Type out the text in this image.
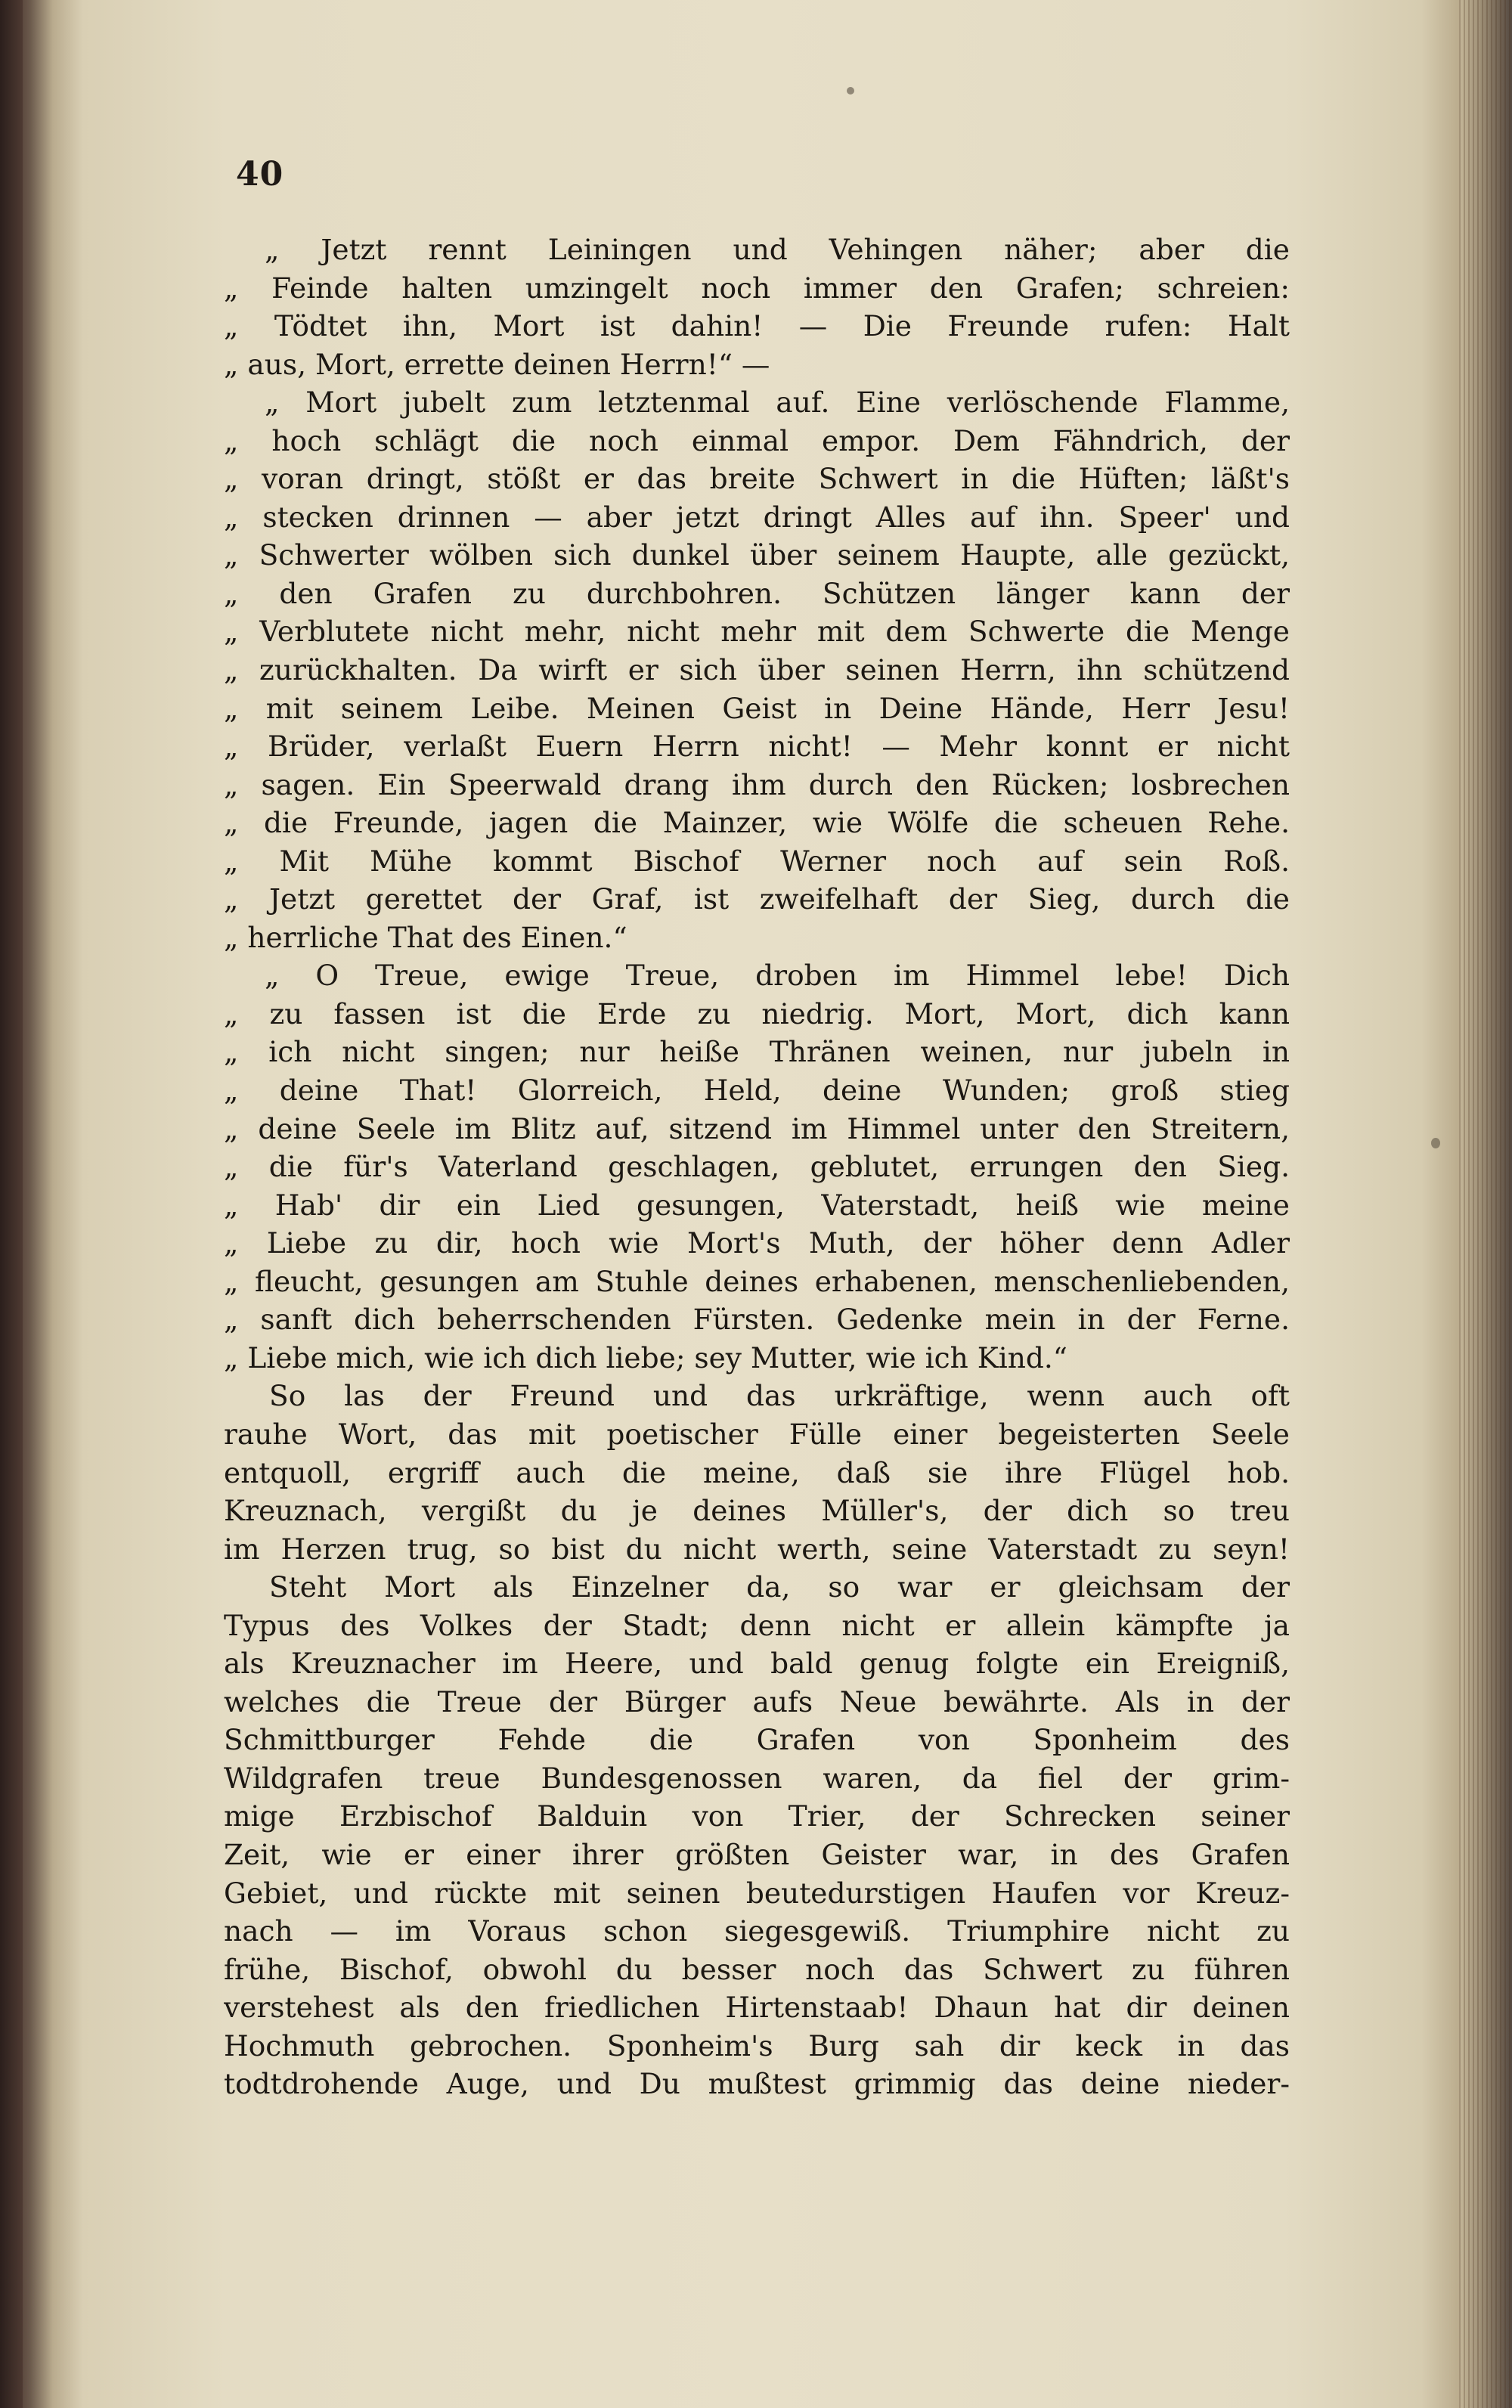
40
„ Jetzt rennt Leiningen und Vehingen näher; aber die
„ Feinde halten umzingelt noch immer den Grafen; schreien:
„ Tödtet ihn, Mort ist dahin! — Die Freunde rufen: Halt
„ aus, Mort, errette deinen Herrn!“ —
„ Mort jubelt zum letztenmal auf. Eine verlöschende Flamme,
„ hoch schlägt die noch einmal empor. Dem Fähndrich, der
„ voran dringt, stößt er das breite Schwert in die Hüften; läßt's
„ stecken drinnen — aber jetzt dringt Alles auf ihn. Speer' und
„ Schwerter wölben sich dunkel über seinem Haupte, alle gezückt,
„ den Grafen zu durchbohren. Schützen länger kann der
„ Verblutete nicht mehr, nicht mehr mit dem Schwerte die Menge
„ zurückhalten. Da wirft er sich über seinen Herrn, ihn schützend
„ mit seinem Leibe. Meinen Geist in Deine Hände, Herr Jesu!
„ Brüder, verlaßt Euern Herrn nicht! — Mehr konnt er nicht
„ sagen. Ein Speerwald drang ihm durch den Rücken; losbrechen
„ die Freunde, jagen die Mainzer, wie Wölfe die scheuen Rehe.
„ Mit Mühe kommt Bischof Werner noch auf sein Roß.
„ Jetzt gerettet der Graf, ist zweifelhaft der Sieg, durch die
„ herrliche That des Einen.“
„ O Treue, ewige Treue, droben im Himmel lebe! Dich
„ zu fassen ist die Erde zu niedrig. Mort, Mort, dich kann
„ ich nicht singen; nur heiße Thränen weinen, nur jubeln in
„ deine That! Glorreich, Held, deine Wunden; groß stieg
„ deine Seele im Blitz auf, sitzend im Himmel unter den Streitern,
„ die für's Vaterland geschlagen, geblutet, errungen den Sieg.
„ Hab' dir ein Lied gesungen, Vaterstadt, heiß wie meine
„ Liebe zu dir, hoch wie Mort's Muth, der höher denn Adler
„ fleucht, gesungen am Stuhle deines erhabenen, menschenliebenden,
„ sanft dich beherrschenden Fürsten. Gedenke mein in der Ferne.
„ Liebe mich, wie ich dich liebe; sey Mutter, wie ich Kind.“
So las der Freund und das urkräftige, wenn auch oft
rauhe Wort, das mit poetischer Fülle einer begeisterten Seele
entquoll, ergriff auch die meine, daß sie ihre Flügel hob.
Kreuznach, vergißt du je deines Müller's, der dich so treu
im Herzen trug, so bist du nicht werth, seine Vaterstadt zu seyn!
Steht Mort als Einzelner da, so war er gleichsam der
Typus des Volkes der Stadt; denn nicht er allein kämpfte ja
als Kreuznacher im Heere, und bald genug folgte ein Ereigniß,
welches die Treue der Bürger aufs Neue bewährte. Als in der
Schmittburger Fehde die Grafen von Sponheim des
Wildgrafen treue Bundesgenossen waren, da fiel der grim-
mige Erzbischof Balduin von Trier, der Schrecken seiner
Zeit, wie er einer ihrer größten Geister war, in des Grafen
Gebiet, und rückte mit seinen beutedurstigen Haufen vor Kreuz-
nach — im Voraus schon siegesgewiß. Triumphire nicht zu
frühe, Bischof, obwohl du besser noch das Schwert zu führen
verstehest als den friedlichen Hirtenstaab! Dhaun hat dir deinen
Hochmuth gebrochen. Sponheim's Burg sah dir keck in das
todtdrohende Auge, und Du mußtest grimmig das deine nieder-
